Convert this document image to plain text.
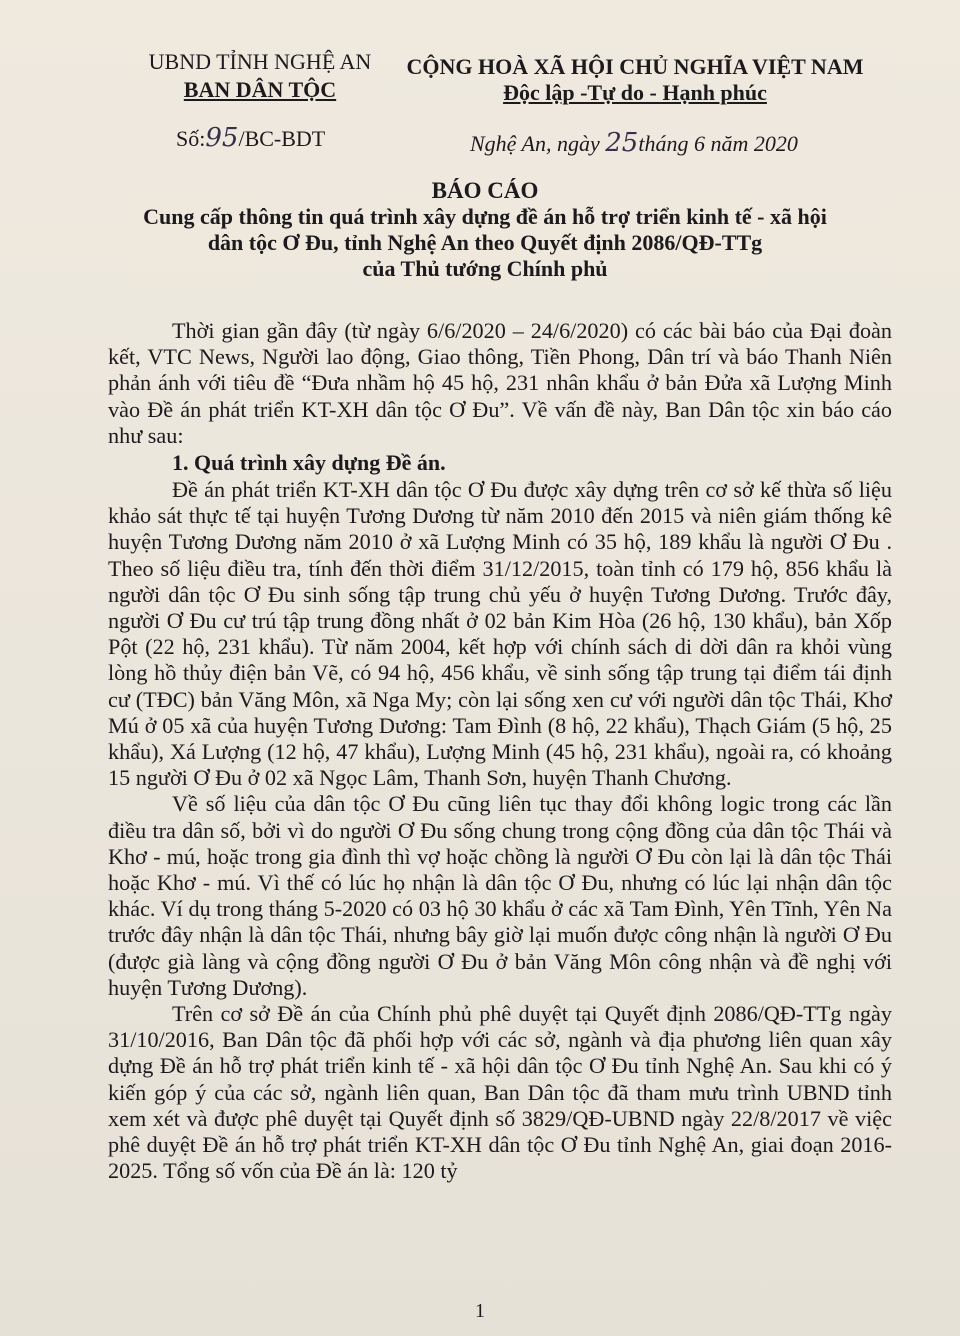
UBND TỈNH NGHỆ AN
BAN DÂN TỘC
CỘNG HOÀ XÃ HỘI CHỦ NGHĨA VIỆT NAM
Độc lập -Tự do - Hạnh phúc
Số:95/BC-BDT	Nghệ An, ngày 25tháng 6 năm 2020
BÁO CÁO
Cung cấp thông tin quá trình xây dựng đề án hỗ trợ triển kinh tế - xã hội
dân tộc Ơ Đu, tỉnh Nghệ An theo Quyết định 2086/QĐ-TTg
của Thủ tướng Chính phủ

Thời gian gần đây (từ ngày 6/6/2020 – 24/6/2020) có các bài báo của Đại đoàn kết, VTC News, Người lao động, Giao thông, Tiền Phong, Dân trí và báo Thanh Niên phản ánh với tiêu đề “Đưa nhầm hộ 45 hộ, 231 nhân khẩu ở bản Đửa xã Lượng Minh vào Đề án phát triển KT-XH dân tộc Ơ Đu”. Về vấn đề này, Ban Dân tộc xin báo cáo như sau:

1. Quá trình xây dựng Đề án.

Đề án phát triển KT-XH dân tộc Ơ Đu được xây dựng trên cơ sở kế thừa số liệu khảo sát thực tế tại huyện Tương Dương từ năm 2010 đến 2015 và niên giám thống kê huyện Tương Dương năm 2010 ở xã Lượng Minh có 35 hộ, 189 khẩu là người Ơ Đu . Theo số liệu điều tra, tính đến thời điểm 31/12/2015, toàn tỉnh có 179 hộ, 856 khẩu là người dân tộc Ơ Đu sinh sống tập trung chủ yếu ở huyện Tương Dương. Trước đây, người Ơ Đu cư trú tập trung đồng nhất ở 02 bản Kim Hòa (26 hộ, 130 khẩu), bản Xốp Pột (22 hộ, 231 khẩu). Từ năm 2004, kết hợp với chính sách di dời dân ra khỏi vùng lòng hồ thủy điện bản Vẽ, có 94 hộ, 456 khẩu, về sinh sống tập trung tại điểm tái định cư (TĐC) bản Văng Môn, xã Nga My; còn lại sống xen cư với người dân tộc Thái, Khơ Mú ở 05 xã của huyện Tương Dương: Tam Đình (8 hộ, 22 khẩu), Thạch Giám (5 hộ, 25 khẩu), Xá Lượng (12 hộ, 47 khẩu), Lượng Minh (45 hộ, 231 khẩu), ngoài ra, có khoảng 15 người Ơ Đu ở 02 xã Ngọc Lâm, Thanh Sơn, huyện Thanh Chương.

Về số liệu của dân tộc Ơ Đu cũng liên tục thay đổi không logic trong các lần điều tra dân số, bởi vì do người Ơ Đu sống chung trong cộng đồng của dân tộc Thái và Khơ - mú, hoặc trong gia đình thì vợ hoặc chồng là người Ơ Đu còn lại là dân tộc Thái hoặc Khơ - mú. Vì thế có lúc họ nhận là dân tộc Ơ Đu, nhưng có lúc lại nhận dân tộc khác. Ví dụ trong tháng 5-2020 có 03 hộ 30 khẩu ở các xã Tam Đình, Yên Tĩnh, Yên Na trước đây nhận là dân tộc Thái, nhưng bây giờ lại muốn được công nhận là người Ơ Đu (được già làng và cộng đồng người Ơ Đu ở bản Văng Môn công nhận và đề nghị với huyện Tương Dương).

Trên cơ sở Đề án của Chính phủ phê duyệt tại Quyết định 2086/QĐ-TTg ngày 31/10/2016, Ban Dân tộc đã phối hợp với các sở, ngành và địa phương liên quan xây dựng Đề án hỗ trợ phát triển kinh tế - xã hội dân tộc Ơ Đu tỉnh Nghệ An. Sau khi có ý kiến góp ý của các sở, ngành liên quan, Ban Dân tộc đã tham mưu trình UBND tỉnh xem xét và được phê duyệt tại Quyết định số 3829/QĐ-UBND ngày 22/8/2017 về việc phê duyệt Đề án hỗ trợ phát triển KT-XH dân tộc Ơ Đu tỉnh Nghệ An, giai đoạn 2016-2025. Tổng số vốn của Đề án là: 120 tỷ

1
